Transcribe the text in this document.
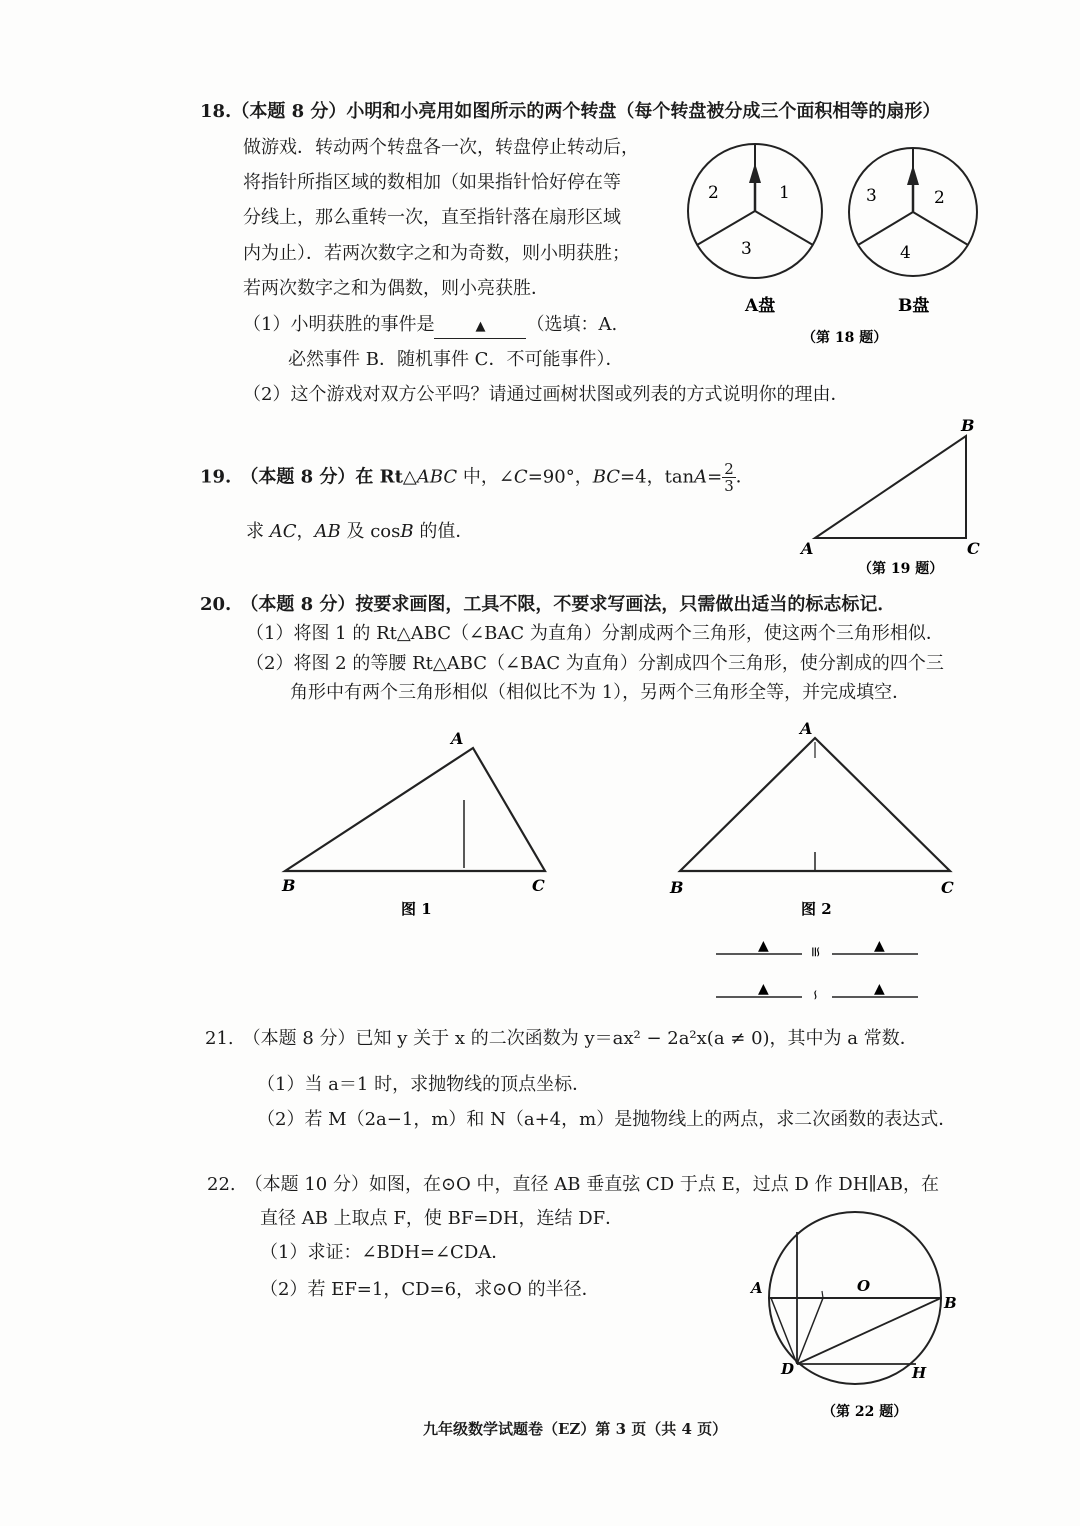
18.（本题 8 分）小明和小亮用如图所示的两个转盘（每个转盘被分成三个面积相等的扇形）
做游戏．转动两个转盘各一次，转盘停止转动后，
将指针所指区域的数相加（如果指针恰好停在等
分线上，那么重转一次，直至指针落在扇形区域
内为止）．若两次数字之和为奇数，则小明获胜；
若两次数字之和为偶数，则小亮获胜．
（1）小明获胜的事件是	▲ （选填：A.
必然事件 B．随机事件 C．不可能事件）．
（2）这个游戏对双方公平吗？请通过画树状图或列表的方式说明你的理由．
2	1
3
A盘
3	2
4
B盘
（第 18 题）
19.　（本题 8 分）在 Rt△ABC 中，∠C=90°，BC=4，$\tan A= \frac{2}{3}$ ．
求 AC，AB 及 cosB 的值．
A
B
C
（第 19 题）
20.　（本题 8 分）按要求画图，工具不限，不要求写画法，只需做出适当的标志标记．
（1）将图 1 的 Rt△ABC（∠BAC 为直角）分割成两个三角形，使这两个三角形相似．
（2）将图 2 的等腰 Rt△ABC（∠BAC 为直角）分割成四个三角形，使分割成的四个三
角形中有两个三角形相似（相似比不为 1），另两个三角形全等，并完成填空．
A
B	C
图 1
A
B	C
图 2
▲	▲
▲	▲
≌
∽
21.　（本题 8 分）已知 y 关于 x 的二次函数为 y＝ax² − 2a²x(a ≠ 0)，其中为 a 常数．
（1）当 a＝1 时，求抛物线的顶点坐标．
（2）若 M（2a−1，m）和 N（a+4，m）是抛物线上的两点，求二次函数的表达式．
22.　（本题 10 分）如图，在⊙O 中，直径 AB 垂直弦 CD 于点 E，过点 D 作 DH∥AB，在
直径 AB 上取点 F，使 BF=DH，连结 DF．
（1）求证：∠BDH=∠CDA．
（2）若 EF=1，CD=6，求⊙O 的半径．	A
B
O
D	H
（第 22 题）
九年级数学试题卷（EZ）第 3 页（共 4 页）
